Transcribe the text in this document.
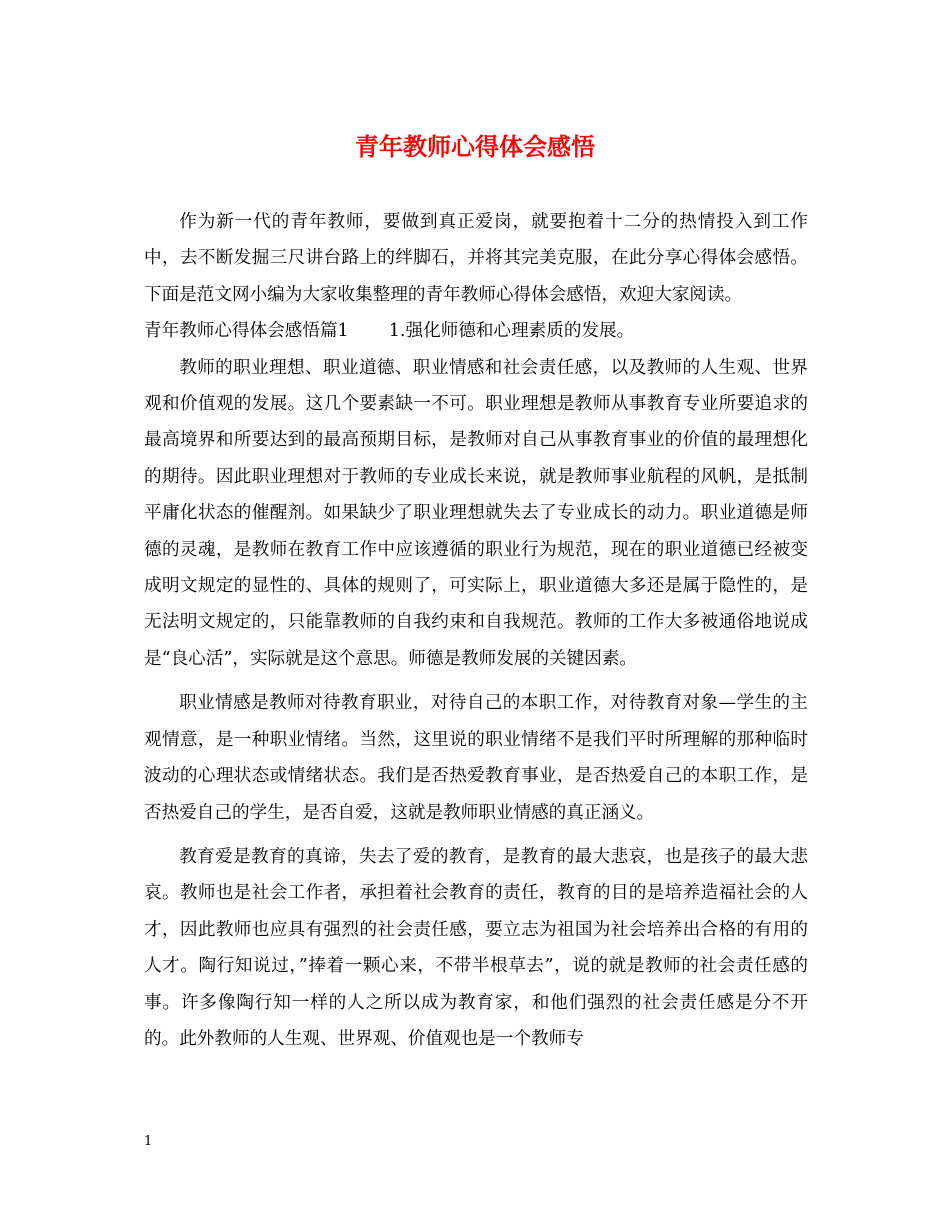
青年教师心得体会感悟

作为新一代的青年教师，要做到真正爱岗，就要抱着十二分的热情投入到工作中，去不断发掘三尺讲台路上的绊脚石，并将其完美克服，在此分享心得体会感悟。下面是范文网小编为大家收集整理的青年教师心得体会感悟，欢迎大家阅读。

青年教师心得体会感悟篇1 1.强化师德和心理素质的发展。

教师的职业理想、职业道德、职业情感和社会责任感，以及教师的人生观、世界观和价值观的发展。这几个要素缺一不可。职业理想是教师从事教育专业所要追求的最高境界和所要达到的最高预期目标，是教师对自己从事教育事业的价值的最理想化的期待。因此职业理想对于教师的专业成长来说，就是教师事业航程的风帆，是抵制平庸化状态的催醒剂。如果缺少了职业理想就失去了专业成长的动力。职业道德是师德的灵魂，是教师在教育工作中应该遵循的职业行为规范，现在的职业道德已经被变成明文规定的显性的、具体的规则了，可实际上，职业道德大多还是属于隐性的，是无法明文规定的，只能靠教师的自我约束和自我规范。教师的工作大多被通俗地说成是“良心活”，实际就是这个意思。师德是教师发展的关键因素。

职业情感是教师对待教育职业，对待自己的本职工作，对待教育对象—学生的主观情意，是一种职业情绪。当然，这里说的职业情绪不是我们平时所理解的那种临时波动的心理状态或情绪状态。我们是否热爱教育事业，是否热爱自己的本职工作，是否热爱自己的学生，是否自爱，这就是教师职业情感的真正涵义。

教育爱是教育的真谛，失去了爱的教育，是教育的最大悲哀，也是孩子的最大悲哀。教师也是社会工作者，承担着社会教育的责任，教育的目的是培养造福社会的人才，因此教师也应具有强烈的社会责任感，要立志为祖国为社会培养出合格的有用的人才。陶行知说过，”捧着一颗心来，不带半根草去”，说的就是教师的社会责任感的事。许多像陶行知一样的人之所以成为教育家，和他们强烈的社会责任感是分不开的。此外教师的人生观、世界观、价值观也是一个教师专

1
